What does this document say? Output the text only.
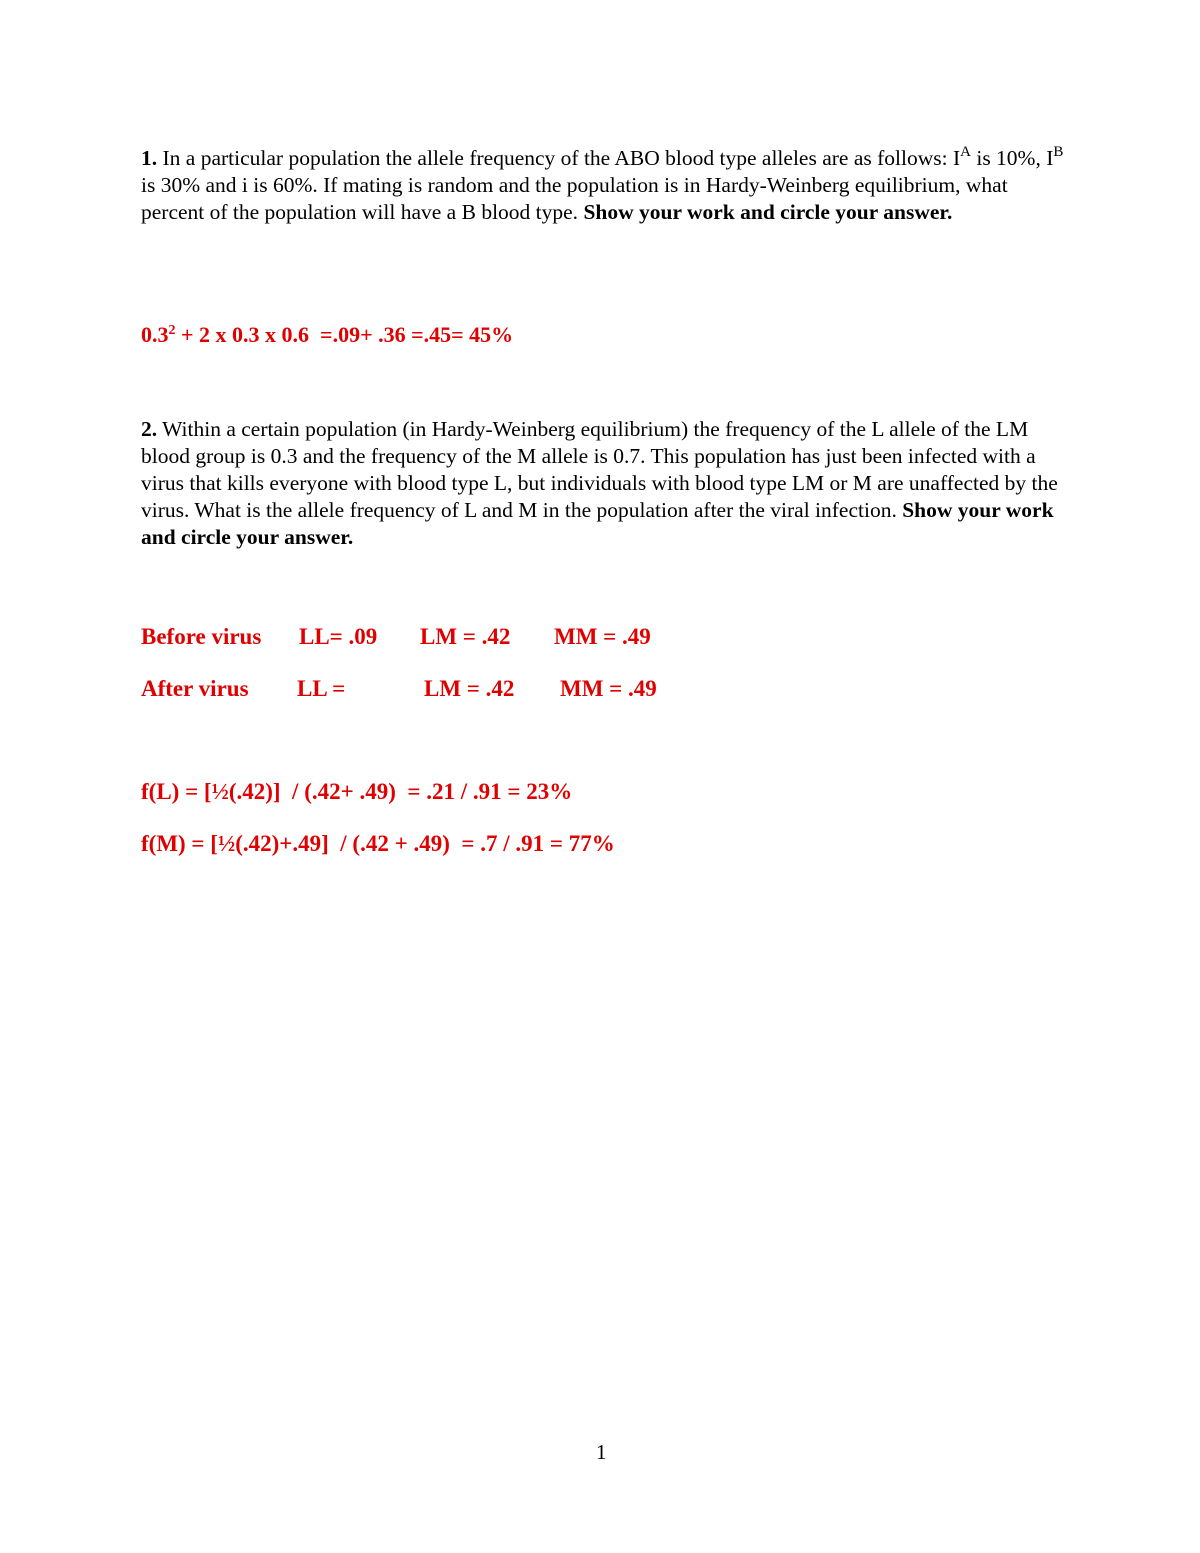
1. In a particular population the allele frequency of the ABO blood type alleles are as follows: $I^A$ is 10%, $I^B$ is 30% and i is 60%. If mating is random and the population is in Hardy-Weinberg equilibrium, what percent of the population will have a B blood type. Show your work and circle your answer.
$0.3^2 + 2$ x 0.3 x 0.6  =.09+ .36 =.45= 45%
2. Within a certain population (in Hardy-Weinberg equilibrium) the frequency of the L allele of the LM blood group is 0.3 and the frequency of the M allele is 0.7. This population has just been infected with a virus that kills everyone with blood type L, but individuals with blood type LM or M are unaffected by the virus. What is the allele frequency of L and M in the population after the viral infection. Show your work and circle your answer.

Before virus

LL= .09

LM = .42

MM = .49

After virus

LL =

	LM = .42

MM = .49

f(L) = [½(.42)]  / (.42+ .49)  = .21 / .91 = 23%
f(M) = [½(.42)+.49]  / (.42 + .49)  = .7 / .91 = 77%
1
